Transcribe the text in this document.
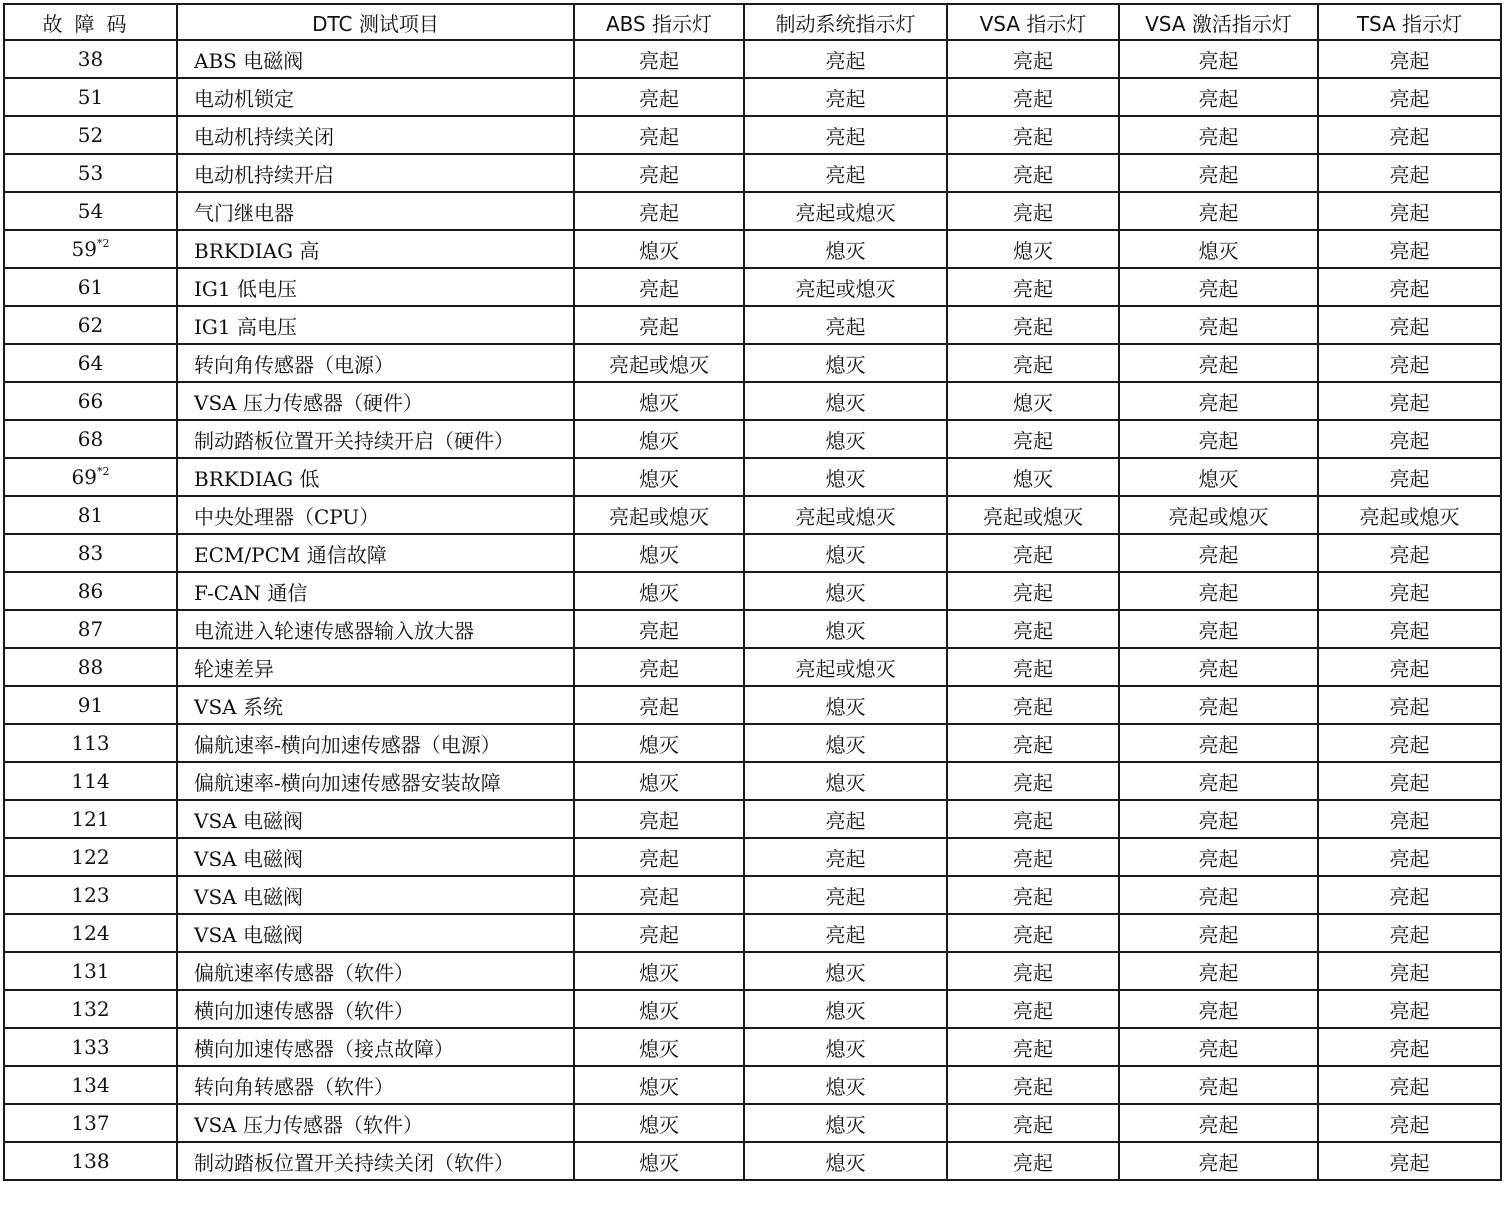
故障码	DTC 测试项目	ABS 指示灯	制动系统指示灯	VSA 指示灯	VSA 激活指示灯	TSA 指示灯
38	ABS 电磁阀	亮起	亮起	亮起	亮起	亮起
51	电动机锁定	亮起	亮起	亮起	亮起	亮起
52	电动机持续关闭	亮起	亮起	亮起	亮起	亮起
53	电动机持续开启	亮起	亮起	亮起	亮起	亮起
54	气门继电器	亮起	亮起或熄灭	亮起	亮起	亮起
59$^{*2}$	BRKDIAG 高	熄灭	熄灭	熄灭	熄灭	亮起
61	IG1 低电压	亮起	亮起或熄灭	亮起	亮起	亮起
62	IG1 高电压	亮起	亮起	亮起	亮起	亮起
64	转向角传感器（电源）	亮起或熄灭	熄灭	亮起	亮起	亮起
66	VSA 压力传感器（硬件）	熄灭	熄灭	熄灭	亮起	亮起
68	制动踏板位置开关持续开启（硬件）	熄灭	熄灭	亮起	亮起	亮起
69$^{*2}$	BRKDIAG 低	熄灭	熄灭	熄灭	熄灭	亮起
81	中央处理器（CPU）	亮起或熄灭	亮起或熄灭	亮起或熄灭	亮起或熄灭	亮起或熄灭
83	ECM/PCM 通信故障	熄灭	熄灭	亮起	亮起	亮起
86	F-CAN 通信	熄灭	熄灭	亮起	亮起	亮起
87	电流进入轮速传感器输入放大器	亮起	熄灭	亮起	亮起	亮起
88	轮速差异	亮起	亮起或熄灭	亮起	亮起	亮起
91	VSA 系统	亮起	熄灭	亮起	亮起	亮起
113	偏航速率-横向加速传感器（电源）	熄灭	熄灭	亮起	亮起	亮起
114	偏航速率-横向加速传感器安装故障	熄灭	熄灭	亮起	亮起	亮起
121	VSA 电磁阀	亮起	亮起	亮起	亮起	亮起
122	VSA 电磁阀	亮起	亮起	亮起	亮起	亮起
123	VSA 电磁阀	亮起	亮起	亮起	亮起	亮起
124	VSA 电磁阀	亮起	亮起	亮起	亮起	亮起
131	偏航速率传感器（软件）	熄灭	熄灭	亮起	亮起	亮起
132	横向加速传感器（软件）	熄灭	熄灭	亮起	亮起	亮起
133	横向加速传感器（接点故障）	熄灭	熄灭	亮起	亮起	亮起
134	转向角转感器（软件）	熄灭	熄灭	亮起	亮起	亮起
137	VSA 压力传感器（软件）	熄灭	熄灭	亮起	亮起	亮起
138	制动踏板位置开关持续关闭（软件）	熄灭	熄灭	亮起	亮起	亮起
